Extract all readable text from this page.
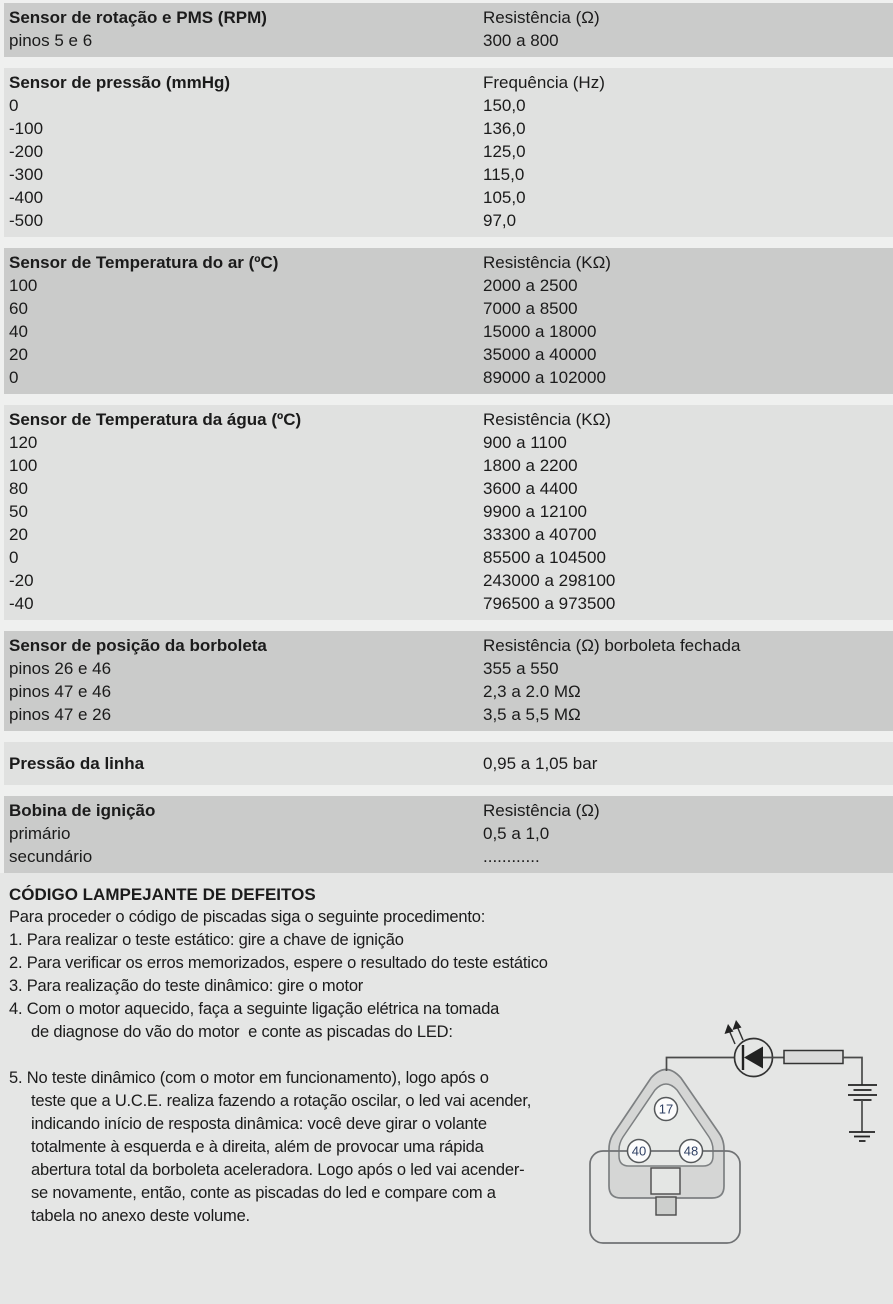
Sensor de rotação e PMS (RPM)	Resistência (Ω)
pinos 5 e 6	300 a 800
Sensor de pressão (mmHg)	Frequência (Hz)
0	150,0
-100	136,0
-200	125,0
-300	115,0
-400	105,0
-500	97,0
Sensor de Temperatura do ar (ºC)	Resistência (KΩ)
100	2000 a 2500
60	7000 a 8500
40	15000 a 18000
20	35000 a 40000
0	89000 a 102000
Sensor de Temperatura da água (ºC)	Resistência (KΩ)
120	900 a 1100
100	1800 a 2200
80	3600 a 4400
50	9900 a 12100
20	33300 a 40700
0	85500 a 104500
-20	243000 a 298100
-40	796500 a 973500
Sensor de posição da borboleta	Resistência (Ω) borboleta fechada
pinos 26 e 46	355 a 550
pinos 47 e 46	2,3 a 2.0 MΩ
pinos 47 e 26	3,5 a 5,5 MΩ
Pressão da linha	0,95 a 1,05 bar
Bobina de ignição	Resistência (Ω)
primário	0,5 a 1,0
secundário	............
CÓDIGO LAMPEJANTE DE DEFEITOS
Para proceder o código de piscadas siga o seguinte procedimento:
1. Para realizar o teste estático: gire a chave de ignição
2. Para verificar os erros memorizados, espere o resultado do teste estático
3. Para realização do teste dinâmico: gire o motor
4. Com o motor aquecido, faça a seguinte ligação elétrica na tomada
de diagnose do vão do motor  e conte as piscadas do LED:
5. No teste dinâmico (com o motor em funcionamento), logo após o
teste que a U.C.E. realiza fazendo a rotação oscilar, o led vai acender,
indicando início de resposta dinâmica: você deve girar o volante
totalmente à esquerda e à direita, além de provocar uma rápida
abertura total da borboleta aceleradora. Logo após o led vai acender-
se novamente, então, conte as piscadas do led e compare com a
tabela no anexo deste volume.
17
40	48
